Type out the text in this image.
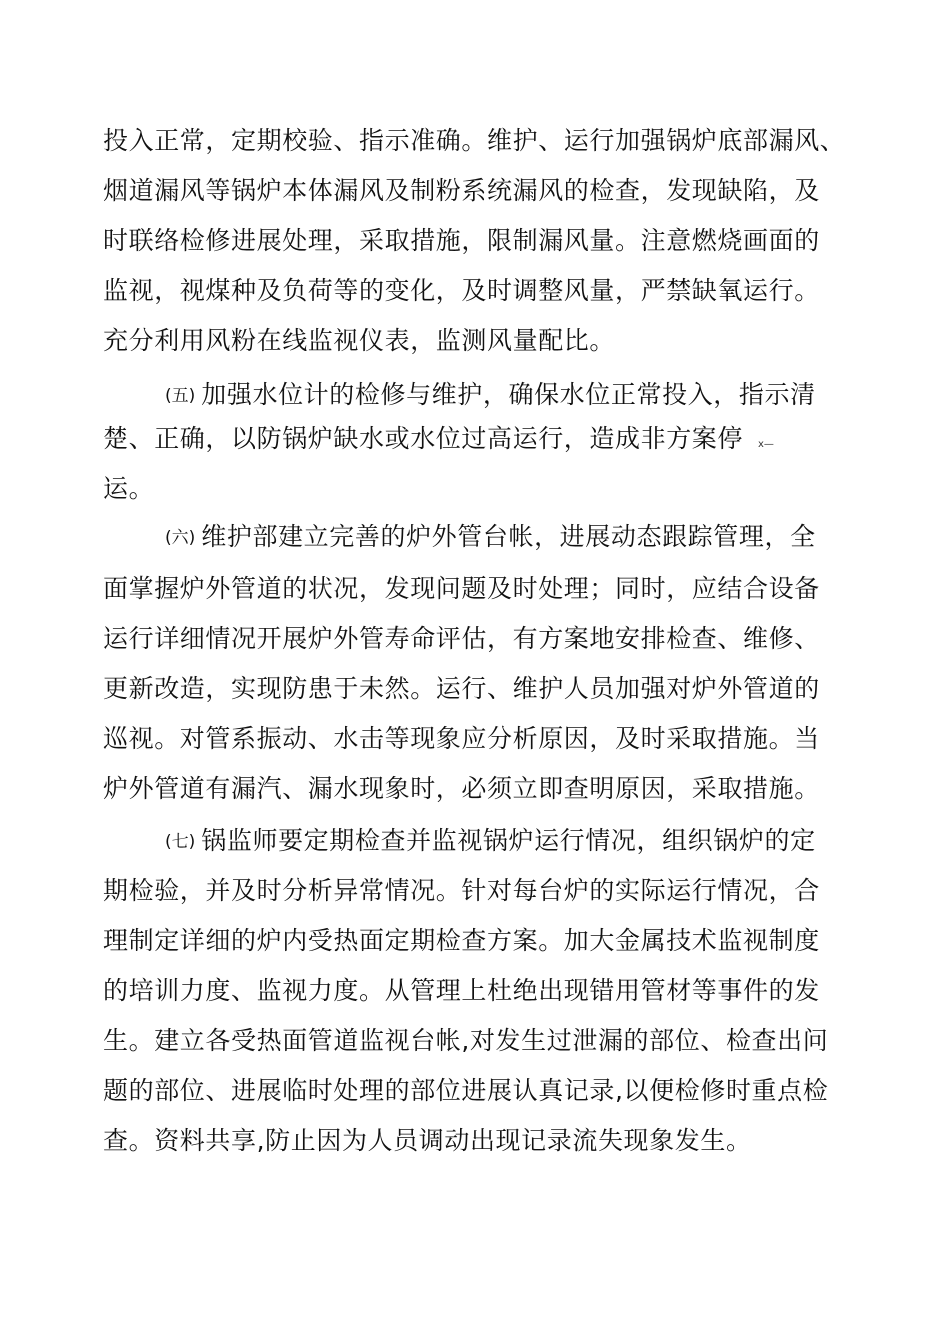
投入正常，定期校验、指示准确。维护、运行加强锅炉底部漏风、
烟道漏风等锅炉本体漏风及制粉系统漏风的检查，发现缺陷，及
时联络检修进展处理，采取措施，限制漏风量。注意燃烧画面的
监视，视煤种及负荷等的变化，及时调整风量，严禁缺氧运行。
充分利用风粉在线监视仪表，监测风量配比。
(五) 加强水位计的检修与维护，确保水位正常投入，指示清
楚、正确，以防锅炉缺水或水位过高运行，造成非方案停 x—
运。
(六) 维护部建立完善的炉外管台帐，进展动态跟踪管理，全
面掌握炉外管道的状况，发现问题及时处理；同时，应结合设备
运行详细情况开展炉外管寿命评估，有方案地安排检查、维修、
更新改造，实现防患于未然。运行、维护人员加强对炉外管道的
巡视。对管系振动、水击等现象应分析原因，及时采取措施。当
炉外管道有漏汽、漏水现象时，必须立即查明原因，采取措施。
(七) 锅监师要定期检查并监视锅炉运行情况，组织锅炉的定
期检验，并及时分析异常情况。针对每台炉的实际运行情况，合
理制定详细的炉内受热面定期检查方案。加大金属技术监视制度
的培训力度、监视力度。从管理上杜绝出现错用管材等事件的发
生。建立各受热面管道监视台帐,对发生过泄漏的部位、检查出问
题的部位、进展临时处理的部位进展认真记录,以便检修时重点检
查。资料共享,防止因为人员调动出现记录流失现象发生。
